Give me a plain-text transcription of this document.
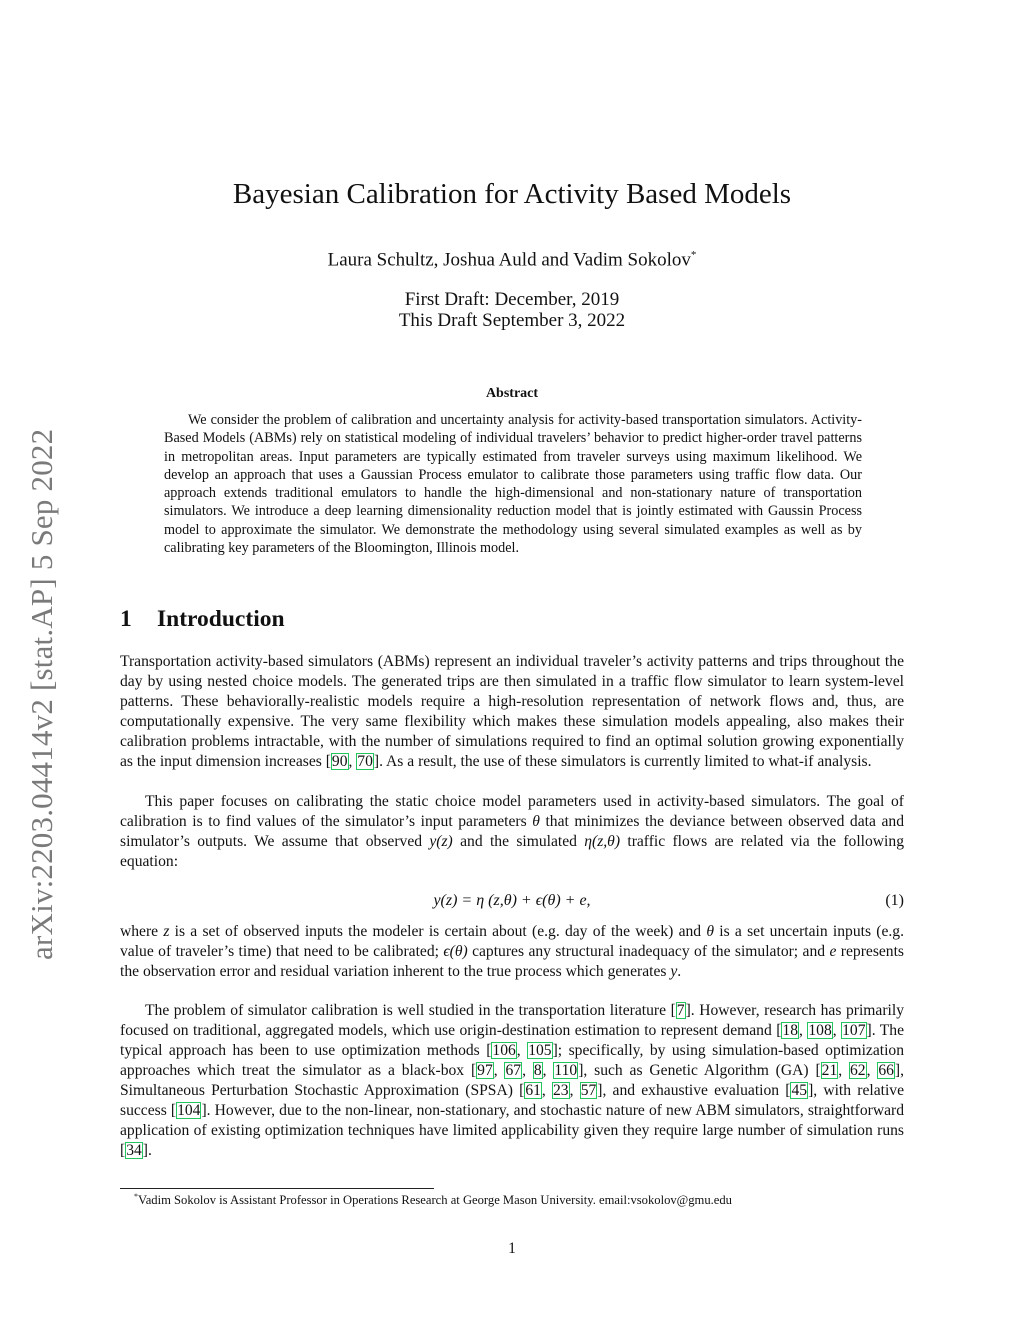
arXiv:2203.04414v2 [stat.AP] 5 Sep 2022
Bayesian Calibration for Activity Based Models
Laura Schultz, Joshua Auld and Vadim Sokolov*
First Draft: December, 2019
This Draft September 3, 2022
Abstract

We consider the problem of calibration and uncertainty analysis for activity-based transportation simulators. Activity-Based Models (ABMs) rely on statistical modeling of individual travelers’ behavior to predict higher-order travel patterns in metropolitan areas. Input parameters are typically estimated from traveler surveys using maximum likelihood. We develop an approach that uses a Gaussian Process emulator to calibrate those parameters using traffic flow data. Our approach extends traditional emulators to handle the high-dimensional and non-stationary nature of transportation simulators. We introduce a deep learning dimensionality reduction model that is jointly estimated with Gaussin Process model to approximate the simulator. We demonstrate the methodology using several simulated examples as well as by calibrating key parameters of the Bloomington, Illinois model.

1 Introduction

Transportation activity-based simulators (ABMs) represent an individual traveler’s activity patterns and trips throughout the day by using nested choice models. The generated trips are then simulated in a traffic flow simulator to learn system-level patterns. These behaviorally-realistic models require a high-resolution representation of network flows and, thus, are computationally expensive. The very same flexibility which makes these simulation models appealing, also makes their calibration problems intractable, with the number of simulations required to find an optimal solution growing exponentially as the input dimension increases [90, 70]. As a result, the use of these simulators is currently limited to what-if analysis.

This paper focuses on calibrating the static choice model parameters used in activity-based simulators. The goal of calibration is to find values of the simulator’s input parameters θ that minimizes the deviance between observed data and simulator’s outputs. We assume that observed y(z) and the simulated η(z,θ) traffic flows are related via the following equation:

y(z) = η (z,θ) + ϵ(θ) + e,	(1)

where z is a set of observed inputs the modeler is certain about (e.g. day of the week) and θ is a set uncertain inputs (e.g. value of traveler’s time) that need to be calibrated; ϵ(θ) captures any structural inadequacy of the simulator; and e represents the observation error and residual variation inherent to the true process which generates y.

The problem of simulator calibration is well studied in the transportation literature [7]. However, research has primarily focused on traditional, aggregated models, which use origin-destination estimation to represent demand [18, 108, 107]. The typical approach has been to use optimization methods [106, 105]; specifically, by using simulation-based optimization approaches which treat the simulator as a black-box [97, 67, 8, 110], such as Genetic Algorithm (GA) [21, 62, 66], Simultaneous Perturbation Stochastic Approximation (SPSA) [61, 23, 57], and exhaustive evaluation [45], with relative success [104]. However, due to the non-linear, non-stationary, and stochastic nature of new ABM simulators, straightforward application of existing optimization techniques have limited applicability given they require large number of simulation runs [34].

*Vadim Sokolov is Assistant Professor in Operations Research at George Mason University. email:vsokolov@gmu.edu
1
